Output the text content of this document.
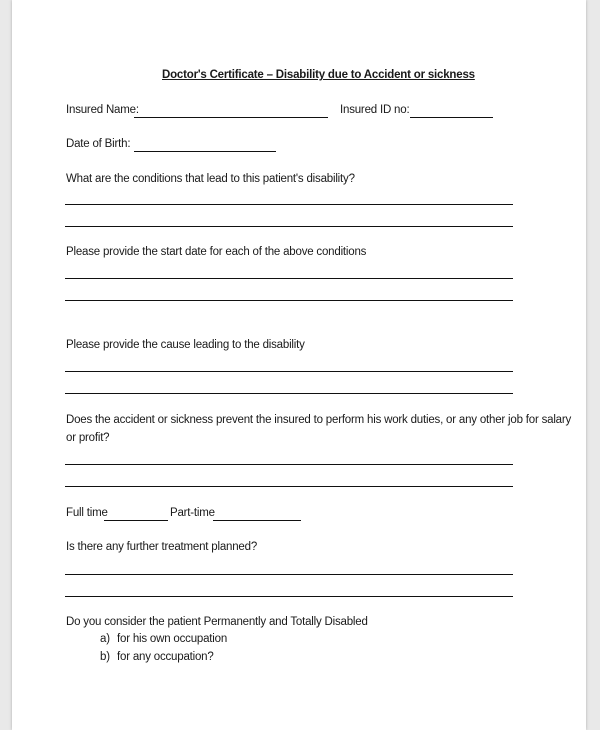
Doctor's Certificate – Disability due to Accident or sickness
Insured Name:	Insured ID no:
Date of Birth:
What are the conditions that lead to this patient's disability?
Please provide the start date for each of the above conditions
Please provide the cause leading to the disability
Does the accident or sickness prevent the insured to perform his work duties, or any other job for salary
or profit?
Full time	Part-time
Is there any further treatment planned?
Do you consider the patient Permanently and Totally Disabled
a) for his own occupation
b) for any occupation?
